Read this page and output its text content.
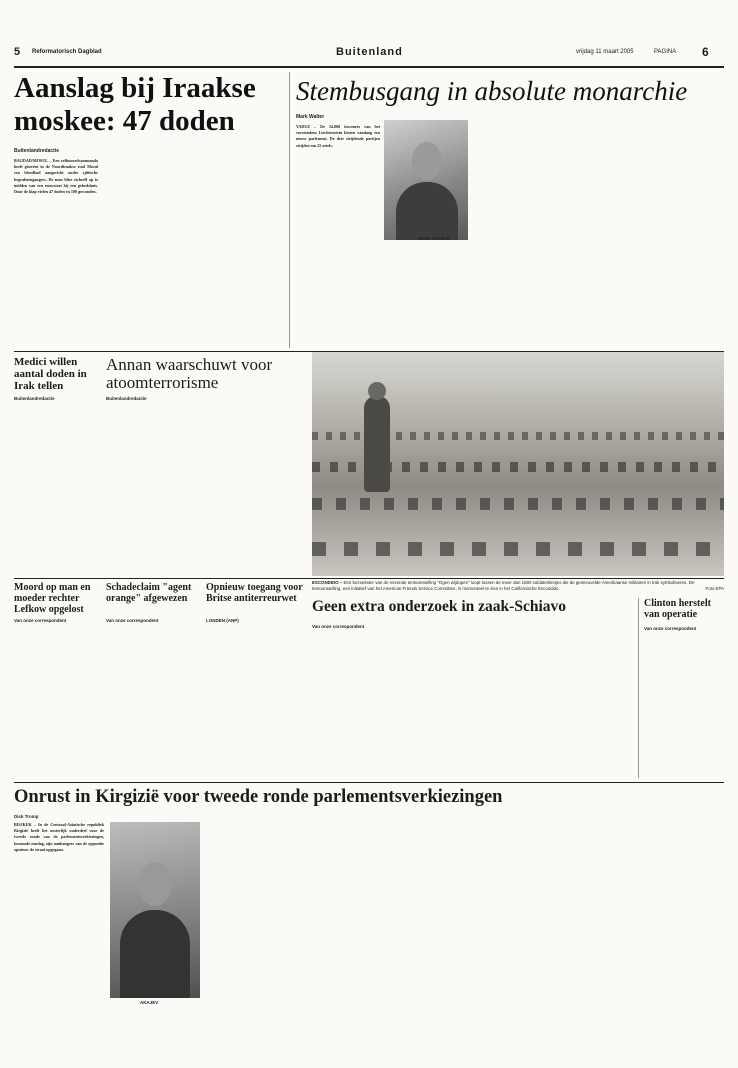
5 Reformatorisch Dagblad	Buitenland	vrijdag 11 maart 2005	PAGINA 6
Aanslag bij Iraakse moskee: 47 doden
Buitenlandredactie
BAGDAD/MOSUL – Een zelfmoordcommando heeft gisteren in de Noordiraakse stad Mosul een bloedbad aangericht onder sjiitische begrafenisgangers. De man blies zichzelf op te midden van een rouwstoet bij een gebedshuis. Door de klap vielen 47 doden en 100 gewonden.
Stembusgang in absolute monarchie
Mark Walter
VADUZ – De 34.000 inwoners van het vorstendom Liechtenstein kiezen vandaag een nieuw parlement. De drie strijdende partijen strijden om 25 zetels.
HANS ADAM II
Medici willen aantal doden in Irak tellen
Buitenlandredactie
Annan waarschuwt voor atoomterrorisme
Buitenlandredactie
Moord op man en moeder rechter Lefkow opgelost
Van onze correspondent
Schadeclaim "agent orange" afgewezen
Van onze correspondent
Opnieuw toegang voor Britse antiterreurwet
LONDEN (ANP)
ESCONDIDO – Een bezoekster van de reizende tentoonstelling "Ogen wijdopen" loopt tussen de meer dan 1580 soldatenkistjes die de gesneuvelde Amerikaanse militairen in Irak symboliseren. De tentoonstelling, een initiatief van het American Friends Service Committee, is momenteel te zien in het Californische Escondido.	Foto EPA
Geen extra onderzoek in zaak-Schiavo
Van onze correspondent
Clinton herstelt van operatie
Van onze correspondent
Onrust in Kirgizië voor tweede ronde parlementsverkiezingen
Dick Tromp
BISJKEK – In de Centraal-Aziatische republiek Kirgizië heeft het oosterlijk onderdeel voor de tweede ronde van de parlementsverkiezingen, komende zondag, zijn aanhangers van de oppositie opnieuw de straat opgegaan.
AKAJEV
